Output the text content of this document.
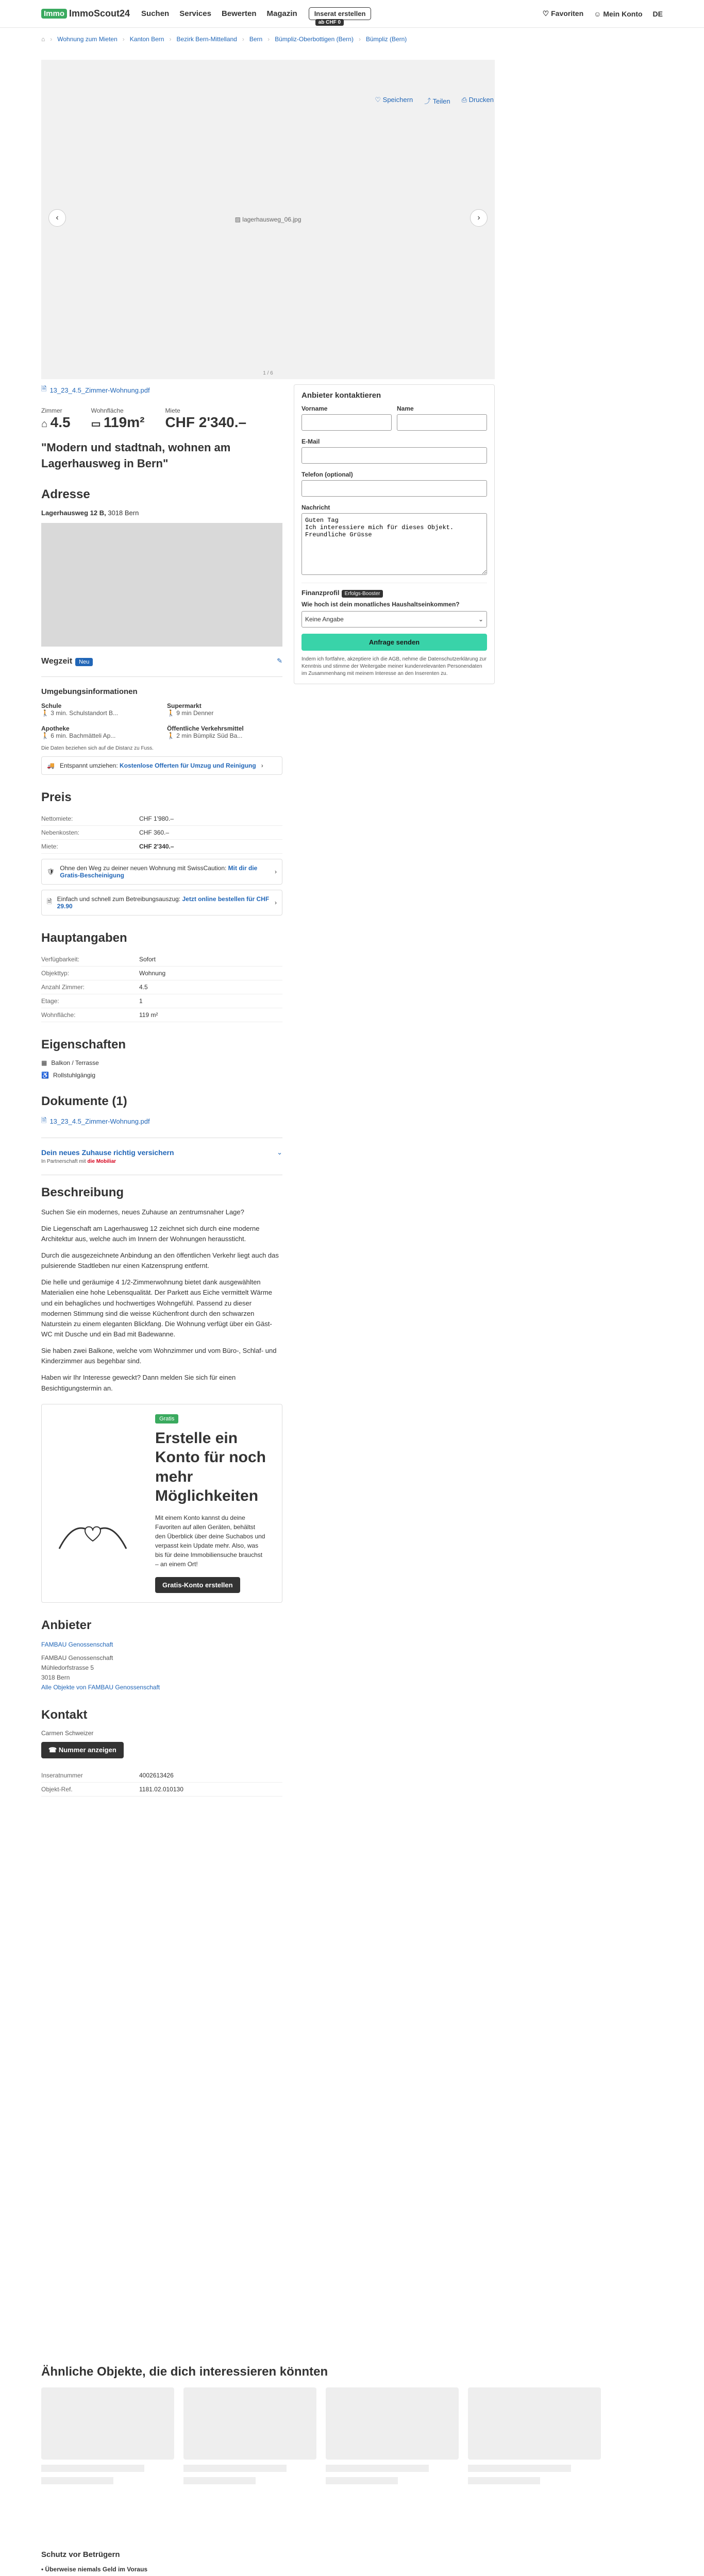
Immo ImmoScout24 Suchen Services Bewerten Magazin	Inserat erstellen
ab CHF 0
♡ Favoriten ☺ Mein Konto DE
⌂ › Wohnung zum Mieten › Kanton Bern › Bezirk Bern-Mittelland › Bern › Bümpliz-Oberbottigen (Bern) › Bümpliz (Bern)
▨ lagerhausweg_06.jpg
‹	›
1 / 6
♡ Speichern ⤴ Teilen ⎙ Drucken
🗎 13_23_4.5_Zimmer-Wohnung.pdf
Zimmer
⌂ 4.5
Wohnfläche
▭ 119m²
Miete
CHF 2'340.–
"Modern und stadtnah, wohnen am Lagerhausweg in Bern"
Adresse
Lagerhausweg 12 B, 3018 Bern
Wegzeit Neu	✎
Umgebungsinformationen
Schule
🚶 3 min. Schulstandort B...
Supermarkt
🚶 9 min Denner
Apotheke
🚶 6 min. Bachmätteli Ap...
Öffentliche Verkehrsmittel
🚶 2 min Bümpliz Süd Ba...
Die Daten beziehen sich auf die Distanz zu Fuss.
🚚 Entspannt umziehen: Kostenlose Offerten für Umzug und Reinigung ›
Preis
Nettomiete:	CHF 1'980.–
Nebenkosten:	CHF 360.–
Miete:	CHF 2'340.–
🛡 Ohne den Weg zu deiner neuen Wohnung mit SwissCaution: Mit dir die Gratis-Bescheinigung	›
🗎 Einfach und schnell zum Betreibungsauszug: Jetzt online bestellen für CHF 29.90	›
Hauptangaben
Verfügbarkeit:	Sofort
Objekttyp:	Wohnung
Anzahl Zimmer:	4.5
Etage:	1
Wohnfläche:	119 m²
Eigenschaften
▦ Balkon / Terrasse
♿ Rollstuhlgängig
Dokumente (1)
🗎 13_23_4.5_Zimmer-Wohnung.pdf
Dein neues Zuhause richtig versichern
In Partnerschaft mit die Mobiliar
⌄
Beschreibung

Suchen Sie ein modernes, neues Zuhause an zentrumsnaher Lage?

Die Liegenschaft am Lagerhausweg 12 zeichnet sich durch eine moderne Architektur aus, welche auch im Innern der Wohnungen heraussticht.

Durch die ausgezeichnete Anbindung an den öffentlichen Verkehr liegt auch das pulsierende Stadtleben nur einen Katzensprung entfernt.

Die helle und geräumige 4 1/2-Zimmerwohnung bietet dank ausgewählten Materialien eine hohe Lebensqualität. Der Parkett aus Eiche vermittelt Wärme und ein behagliches und hochwertiges Wohngefühl. Passend zu dieser modernen Stimmung sind die weisse Küchenfront durch den schwarzen Naturstein zu einem eleganten Blickfang. Die Wohnung verfügt über ein Gäst-WC mit Dusche und ein Bad mit Badewanne.

Sie haben zwei Balkone, welche vom Wohnzimmer und vom Büro-, Schlaf- und Kinderzimmer aus begehbar sind.

Haben wir Ihr Interesse geweckt? Dann melden Sie sich für einen Besichtigungstermin an.

Gratis
Erstelle ein Konto für noch mehr Möglichkeiten

Mit einem Konto kannst du deine Favoriten auf allen Geräten, behältst den Überblick über deine Suchabos und verpasst kein Update mehr. Also, was bis für deine Immobiliensuche brauchst – an einem Ort!

Gratis-Konto erstellen
Anbieter
FAMBAU Genossenschaft
FAMBAU Genossenschaft
Mühledorfstrasse 5
3018 Bern
Alle Objekte von FAMBAU Genossenschaft
Kontakt
Carmen Schweizer
☎ Nummer anzeigen
Inseratnummer	4002613426
Objekt-Ref.	1181.02.010130
Anbieter kontaktieren
Vorname	Name
E-Mail
Telefon (optional)
Nachricht
Guten Tag Ich interessiere mich für dieses Objekt. Freundliche Grüsse
Finanzprofil Erfolgs-Booster
Wie hoch ist dein monatliches Haushaltseinkommen?
Keine Angabe	⌄
Anfrage senden
Indem ich fortfahre, akzeptiere ich die AGB, nehme die Datenschutzerklärung zur Kenntnis und stimme der Weitergabe meiner kundenrelevanten Personendaten im Zusammenhang mit meinem Interesse an den Inserenten zu.
Ähnliche Objekte, die dich interessieren könnten
Schutz vor Betrügern
• Überweise niemals Geld im Voraus
